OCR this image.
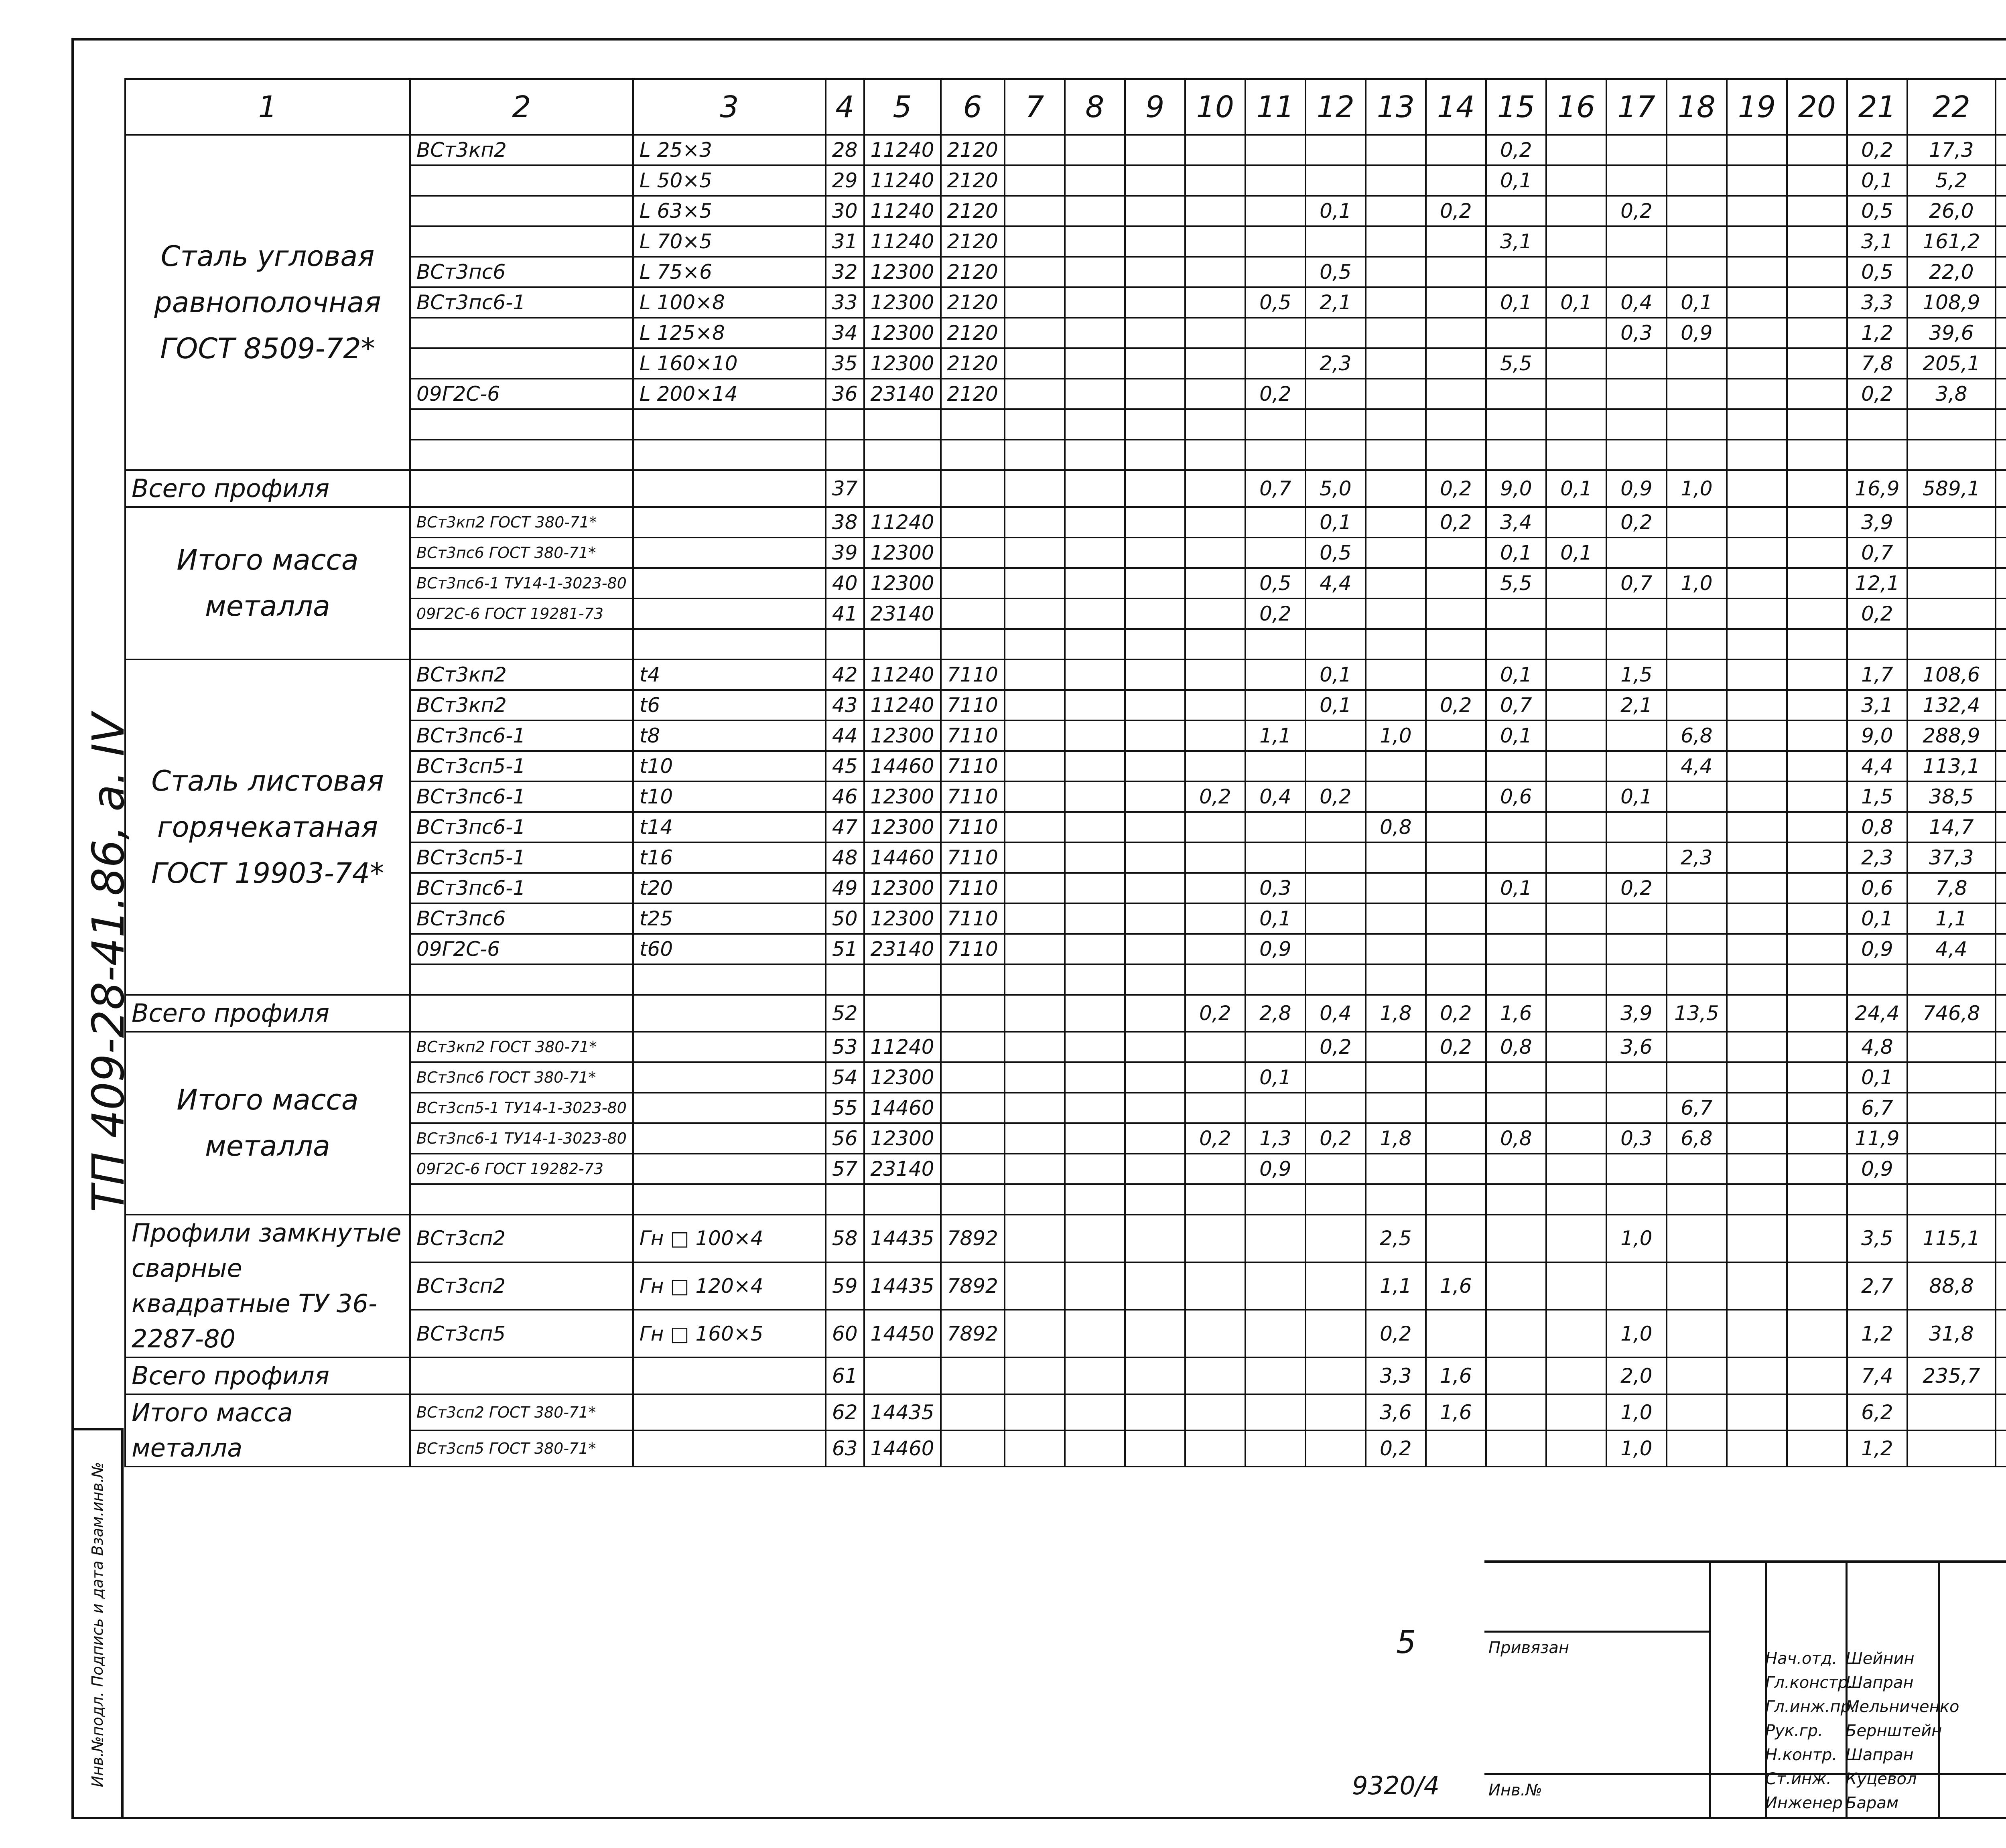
ТП 409-28-41.86, а. IV
Инв.№подл. Подпись и дата Взам.инв.№
1	2	3	4	5	6	7	8	9	10	11	12	13	14	15	16	17	18	19	20	21	22					
Сталь угловая равнополочная ГОСТ 8509-72*	ВСт3кп2	L 25×3	28	11240	2120									0,2						0,2	17,3					
		L 50×5	29	11240	2120									0,1						0,1	5,2					
		L 63×5	30	11240	2120						0,1		0,2			0,2				0,5	26,0					
		L 70×5	31	11240	2120									3,1						3,1	161,2					
	ВСт3пс6	L 75×6	32	12300	2120						0,5									0,5	22,0					
	ВСт3пс6-1	L 100×8	33	12300	2120					0,5	2,1			0,1	0,1	0,4	0,1			3,3	108,9					
		L 125×8	34	12300	2120											0,3	0,9			1,2	39,6					
		L 160×10	35	12300	2120						2,3			5,5						7,8	205,1					
	09Г2С-6	L 200×14	36	23140	2120					0,2										0,2	3,8					

Всего профиля			37							0,7	5,0		0,2	9,0	0,1	0,9	1,0			16,9	589,1					
Итого масса металла	ВСт3кп2 ГОСТ 380-71*		38	11240							0,1		0,2	3,4		0,2				3,9						
	ВСт3пс6 ГОСТ 380-71*		39	12300							0,5			0,1	0,1					0,7						
	ВСт3пс6-1 ТУ14-1-3023-80		40	12300						0,5	4,4			5,5		0,7	1,0			12,1						
	09Г2С-6 ГОСТ 19281-73		41	23140						0,2										0,2						

Сталь листовая горячекатаная ГОСТ 19903-74*	ВСт3кп2	t4	42	11240	7110						0,1			0,1		1,5				1,7	108,6					
	ВСт3кп2	t6	43	11240	7110						0,1		0,2	0,7		2,1				3,1	132,4					
	ВСт3пс6-1	t8	44	12300	7110					1,1		1,0		0,1			6,8			9,0	288,9					
	ВСт3сп5-1	t10	45	14460	7110												4,4			4,4	113,1					
	ВСт3пс6-1	t10	46	12300	7110				0,2	0,4	0,2			0,6		0,1				1,5	38,5					
	ВСт3пс6-1	t14	47	12300	7110							0,8								0,8	14,7					
	ВСт3сп5-1	t16	48	14460	7110												2,3			2,3	37,3					
	ВСт3пс6-1	t20	49	12300	7110					0,3				0,1		0,2				0,6	7,8					
	ВСт3пс6	t25	50	12300	7110					0,1										0,1	1,1					
	09Г2С-6	t60	51	23140	7110					0,9										0,9	4,4					

Всего профиля			52						0,2	2,8	0,4	1,8	0,2	1,6		3,9	13,5			24,4	746,8					
Итого масса металла	ВСт3кп2 ГОСТ 380-71*		53	11240							0,2		0,2	0,8		3,6				4,8						
	ВСт3пс6 ГОСТ 380-71*		54	12300						0,1										0,1						
	ВСт3сп5-1 ТУ14-1-3023-80		55	14460													6,7			6,7						
	ВСт3пс6-1 ТУ14-1-3023-80		56	12300					0,2	1,3	0,2	1,8		0,8		0,3	6,8			11,9						
	09Г2С-6 ГОСТ 19282-73		57	23140						0,9										0,9						

Профили замкнутые сварные квадратные ТУ 36-2287-80	ВСт3сп2	Гн □ 100×4	58	14435	7892							2,5				1,0				3,5	115,1					
	ВСт3сп2	Гн □ 120×4	59	14435	7892							1,1	1,6							2,7	88,8					
	ВСт3сп5	Гн □ 160×5	60	14450	7892							0,2				1,0				1,2	31,8					
Всего профиля			61									3,3	1,6			2,0				7,4	235,7					
Итого масса металла	ВСт3сп2 ГОСТ 380-71*		62	14435								3,6	1,6			1,0				6,2						
	ВСт3сп5 ГОСТ 380-71*		63	14460								0,2				1,0				1,2						
Привязан
Инв.№
5
9320/4
Нач.отд. Шейнин
Гл.констр.
Шапран
Гл.инж.пр.
Мельниченко
Рук.гр.	Бернштейн
Н.контр. Шапран
Ст.инж. Куцевол
Инженер Барам
